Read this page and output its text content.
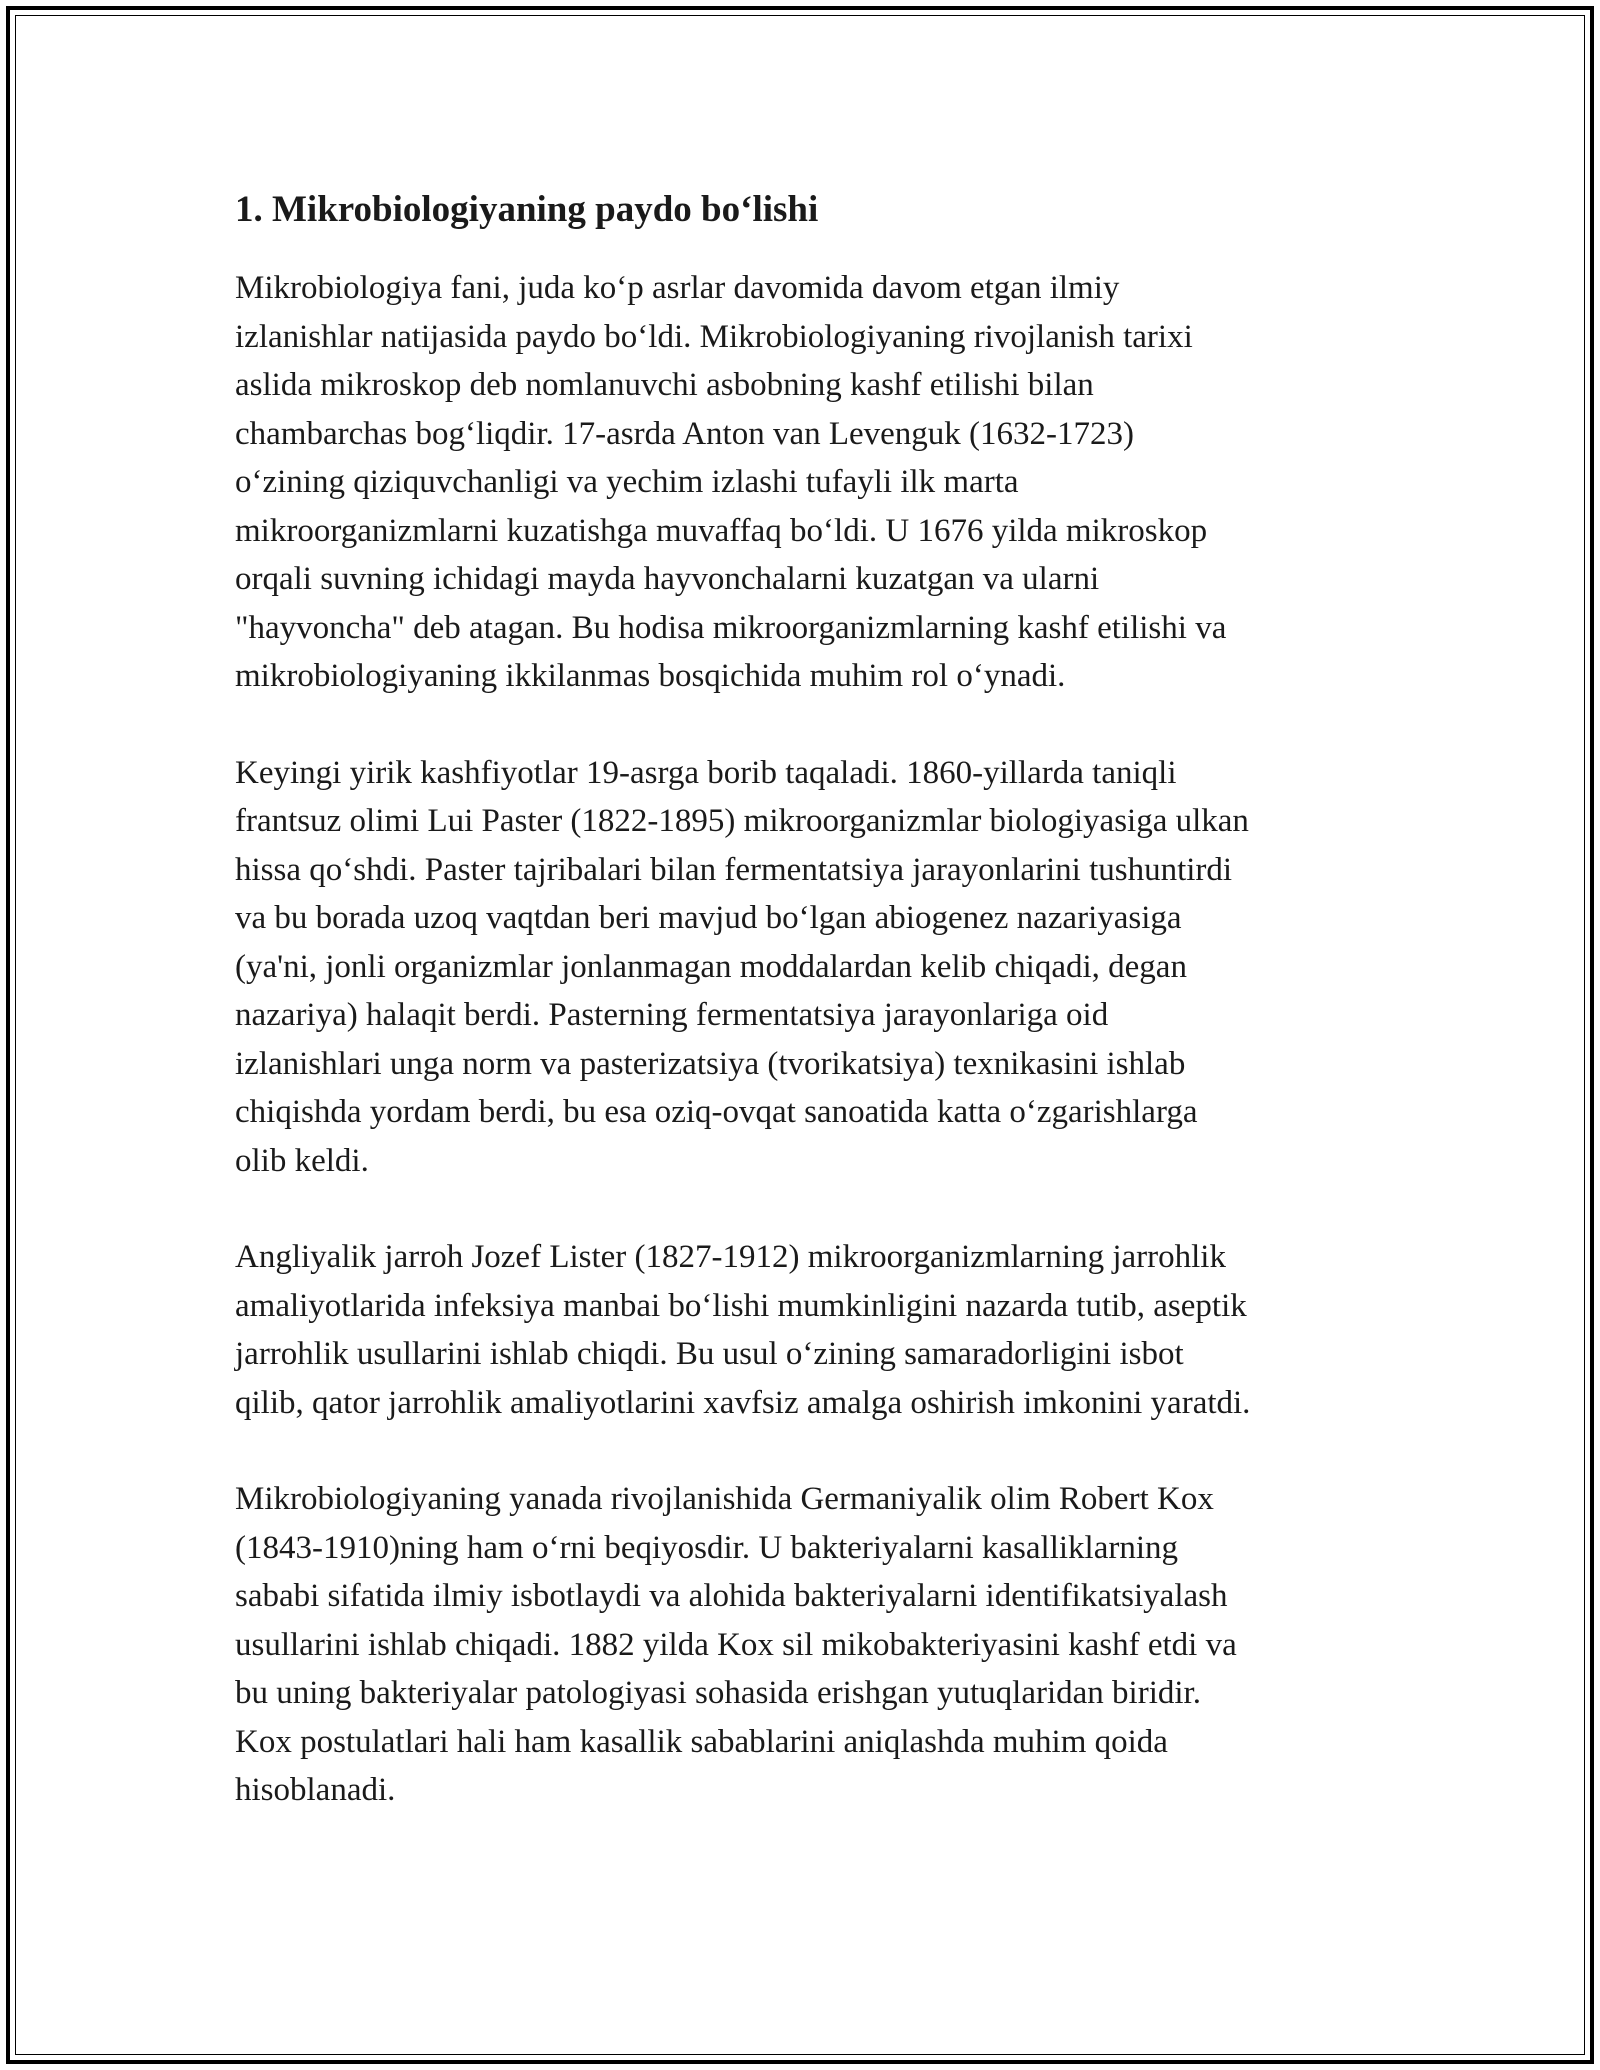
1. Mikrobiologiyaning paydo bo‘lishi

Mikrobiologiya fani, juda ko‘p asrlar davomida davom etgan ilmiy
izlanishlar natijasida paydo bo‘ldi. Mikrobiologiyaning rivojlanish tarixi
aslida mikroskop deb nomlanuvchi asbobning kashf etilishi bilan
chambarchas bog‘liqdir. 17-asrda Anton van Levenguk (1632-1723)
o‘zining qiziquvchanligi va yechim izlashi tufayli ilk marta
mikroorganizmlarni kuzatishga muvaffaq bo‘ldi. U 1676 yilda mikroskop
orqali suvning ichidagi mayda hayvonchalarni kuzatgan va ularni
"hayvoncha" deb atagan. Bu hodisa mikroorganizmlarning kashf etilishi va
mikrobiologiyaning ikkilanmas bosqichida muhim rol o‘ynadi.

Keyingi yirik kashfiyotlar 19-asrga borib taqaladi. 1860-yillarda taniqli
frantsuz olimi Lui Paster (1822-1895) mikroorganizmlar biologiyasiga ulkan
hissa qo‘shdi. Paster tajribalari bilan fermentatsiya jarayonlarini tushuntirdi
va bu borada uzoq vaqtdan beri mavjud bo‘lgan abiogenez nazariyasiga
(ya'ni, jonli organizmlar jonlanmagan moddalardan kelib chiqadi, degan
nazariya) halaqit berdi. Pasterning fermentatsiya jarayonlariga oid
izlanishlari unga norm va pasterizatsiya (tvorikatsiya) texnikasini ishlab
chiqishda yordam berdi, bu esa oziq-ovqat sanoatida katta o‘zgarishlarga
olib keldi.

Angliyalik jarroh Jozef Lister (1827-1912) mikroorganizmlarning jarrohlik
amaliyotlarida infeksiya manbai bo‘lishi mumkinligini nazarda tutib, aseptik
jarrohlik usullarini ishlab chiqdi. Bu usul o‘zining samaradorligini isbot
qilib, qator jarrohlik amaliyotlarini xavfsiz amalga oshirish imkonini yaratdi.

Mikrobiologiyaning yanada rivojlanishida Germaniyalik olim Robert Kox
(1843-1910)ning ham o‘rni beqiyosdir. U bakteriyalarni kasalliklarning
sababi sifatida ilmiy isbotlaydi va alohida bakteriyalarni identifikatsiyalash
usullarini ishlab chiqadi. 1882 yilda Kox sil mikobakteriyasini kashf etdi va
bu uning bakteriyalar patologiyasi sohasida erishgan yutuqlaridan biridir.
Kox postulatlari hali ham kasallik sabablarini aniqlashda muhim qoida
hisoblanadi.
